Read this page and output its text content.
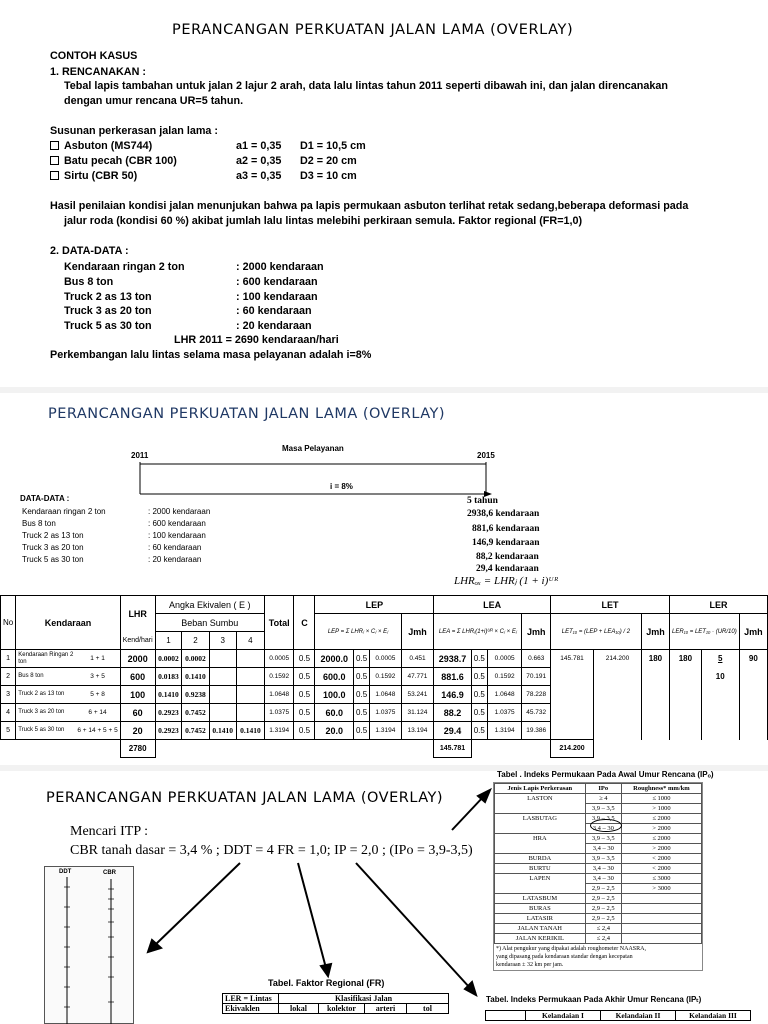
PERANCANGAN PERKUATAN JALAN LAMA (OVERLAY)
CONTOH KASUS
1. RENCANAKAN :
Tebal lapis tambahan untuk jalan 2 lajur 2 arah, data lalu lintas tahun 2011 seperti dibawah ini, dan jalan direncanakan
dengan umur rencana UR=5 tahun.
Susunan perkerasan jalan lama :
Asbuton (MS744)	a1 = 0,35 D1 = 10,5 cm
Batu pecah (CBR 100)	a2 = 0,35 D2 = 20 cm
Sirtu (CBR 50)	a3 = 0,35 D3 = 10 cm
Hasil penilaian kondisi jalan menunjukan bahwa pa lapis permukaan asbuton terlihat retak sedang,beberapa deformasi pada
jalur roda (kondisi 60 %) akibat jumlah lalu lintas melebihi perkiraan semula. Faktor regional (FR=1,0)
2. DATA-DATA :
Kendaraan ringan 2 ton	: 2000 kendaraan
Bus 8 ton	: 600 kendaraan
Truck 2 as 13 ton	: 100 kendaraan
Truck 3 as 20 ton	: 60 kendaraan
Truck 5 as 30 ton	: 20 kendaraan
LHR 2011 = 2690 kendaraan/hari
Perkembangan lalu lintas selama masa pelayanan adalah i=8%
PERANCANGAN PERKUATAN JALAN LAMA (OVERLAY)
Masa Pelayanan
2011	2015
i = 8%
DATA-DATA :
Kendaraan ringan 2 ton	: 2000 kendaraan
Bus 8 ton	: 600 kendaraan
Truck 2 as 13 ton	: 100 kendaraan
Truck 3 as 20 ton	: 60 kendaraan
Truck 5 as 30 ton	: 20 kendaraan
5 tahun
2938,6 kendaraan
881,6 kendaraan
146,9 kendaraan
88,2 kendaraan
29,4 kendaraan
LHRₒₓ = LHRⱼ (1 + i)ᵁᴿ
No	Kendaraan		LHR	Angka Ekivalen ( E )				Total	C	LEP				LEA				LET			LER		
				Beban Sumbu						LEP = Σ LHRⱼ × Cⱼ × Eⱼ			Jmh	LEA = Σ LHRⱼ(1+i)ᵁᴿ × Cⱼ × Eⱼ			Jmh	LET₁₀ = (LEP + LEA₁₀) / 2		Jmh	LER₁₀ = LET₁₀ · (UR/10)		Jmh
			Kend/hari	1	2	3	4																
1	Kendaraan Ringan 2 ton	1 + 1	2000	0.0002	0.0002			0.0005	0.5	2000.0	0.5	0.0005	0.451	2938.7	0.5	0.0005	0.663	145.781	214.200	180	180	5	90
2	Bus 8 ton	3 + 5	600	0.0183	0.1410			0.1592	0.5	600.0	0.5	0.1592	47.771	881.6	0.5	0.1592	70.191					10	
3	Truck 2 as 13 ton	5 + 8	100	0.1410	0.9238			1.0648	0.5	100.0	0.5	1.0648	53.241	146.9	0.5	1.0648	78.228						
4	Truck 3 as 20 ton	6 + 14	60	0.2923	0.7452			1.0375	0.5	60.0	0.5	1.0375	31.124	88.2	0.5	1.0375	45.732						
5	Truck 5 as 30 ton	6 + 14 + 5 + 5	20	0.2923	0.7452	0.1410	0.1410	1.3194	0.5	20.0	0.5	1.3194	13.194	29.4	0.5	1.3194	19.386						
			2780											145.781				214.200					
PERANCANGAN PERKUATAN JALAN LAMA (OVERLAY)
Mencari ITP :
CBR tanah dasar = 3,4 % ; DDT = 4 FR = 1,0; IP = 2,0 ; (IPo = 3,9-3,5)
DDT	CBR
Tabel . Indeks Permukaan Pada Awal Umur Rencana (IPₒ)
Jenis Lapis Perkerasan	IPo	Roughness* mm/km
LASTON	≥ 4	≤ 1000
	3,9 – 3,5	> 1000
LASBUTAG	3,9 – 3,5	≤ 2000
	3,4 – 30	> 2000
HRA	3,9 – 3,5	≤ 2000
	3,4 – 30	> 2000
BURDA	3,9 – 3,5	< 2000
BURTU	3,4 – 30	< 2000
LAPEN	3,4 – 30	≤ 3000
	2,9 – 2,5	> 3000
LATASBUM	2,9 – 2,5	
BURAS	2,9 – 2,5	
LATASIR	2,9 – 2,5	
JALAN TANAH	≤ 2,4	
JALAN KERIKIL	≤ 2,4	
*) Alat pengukur yang dipakai adalah roughometer NAASRA,
yang dipasang pada kendaraan standar dengan kecepatan
kendaraan ± 32 km per jam.
Tabel. Faktor Regional (FR)
LER = Lintas	Klasifikasi Jalan			
Ekivaklen	lokal	kolektor	arteri	tol
Tabel. Indeks Permukaan Pada Akhir Umur Rencana (IPₜ)
	Kelandaian I	Kelandaian II	Kelandaian III
